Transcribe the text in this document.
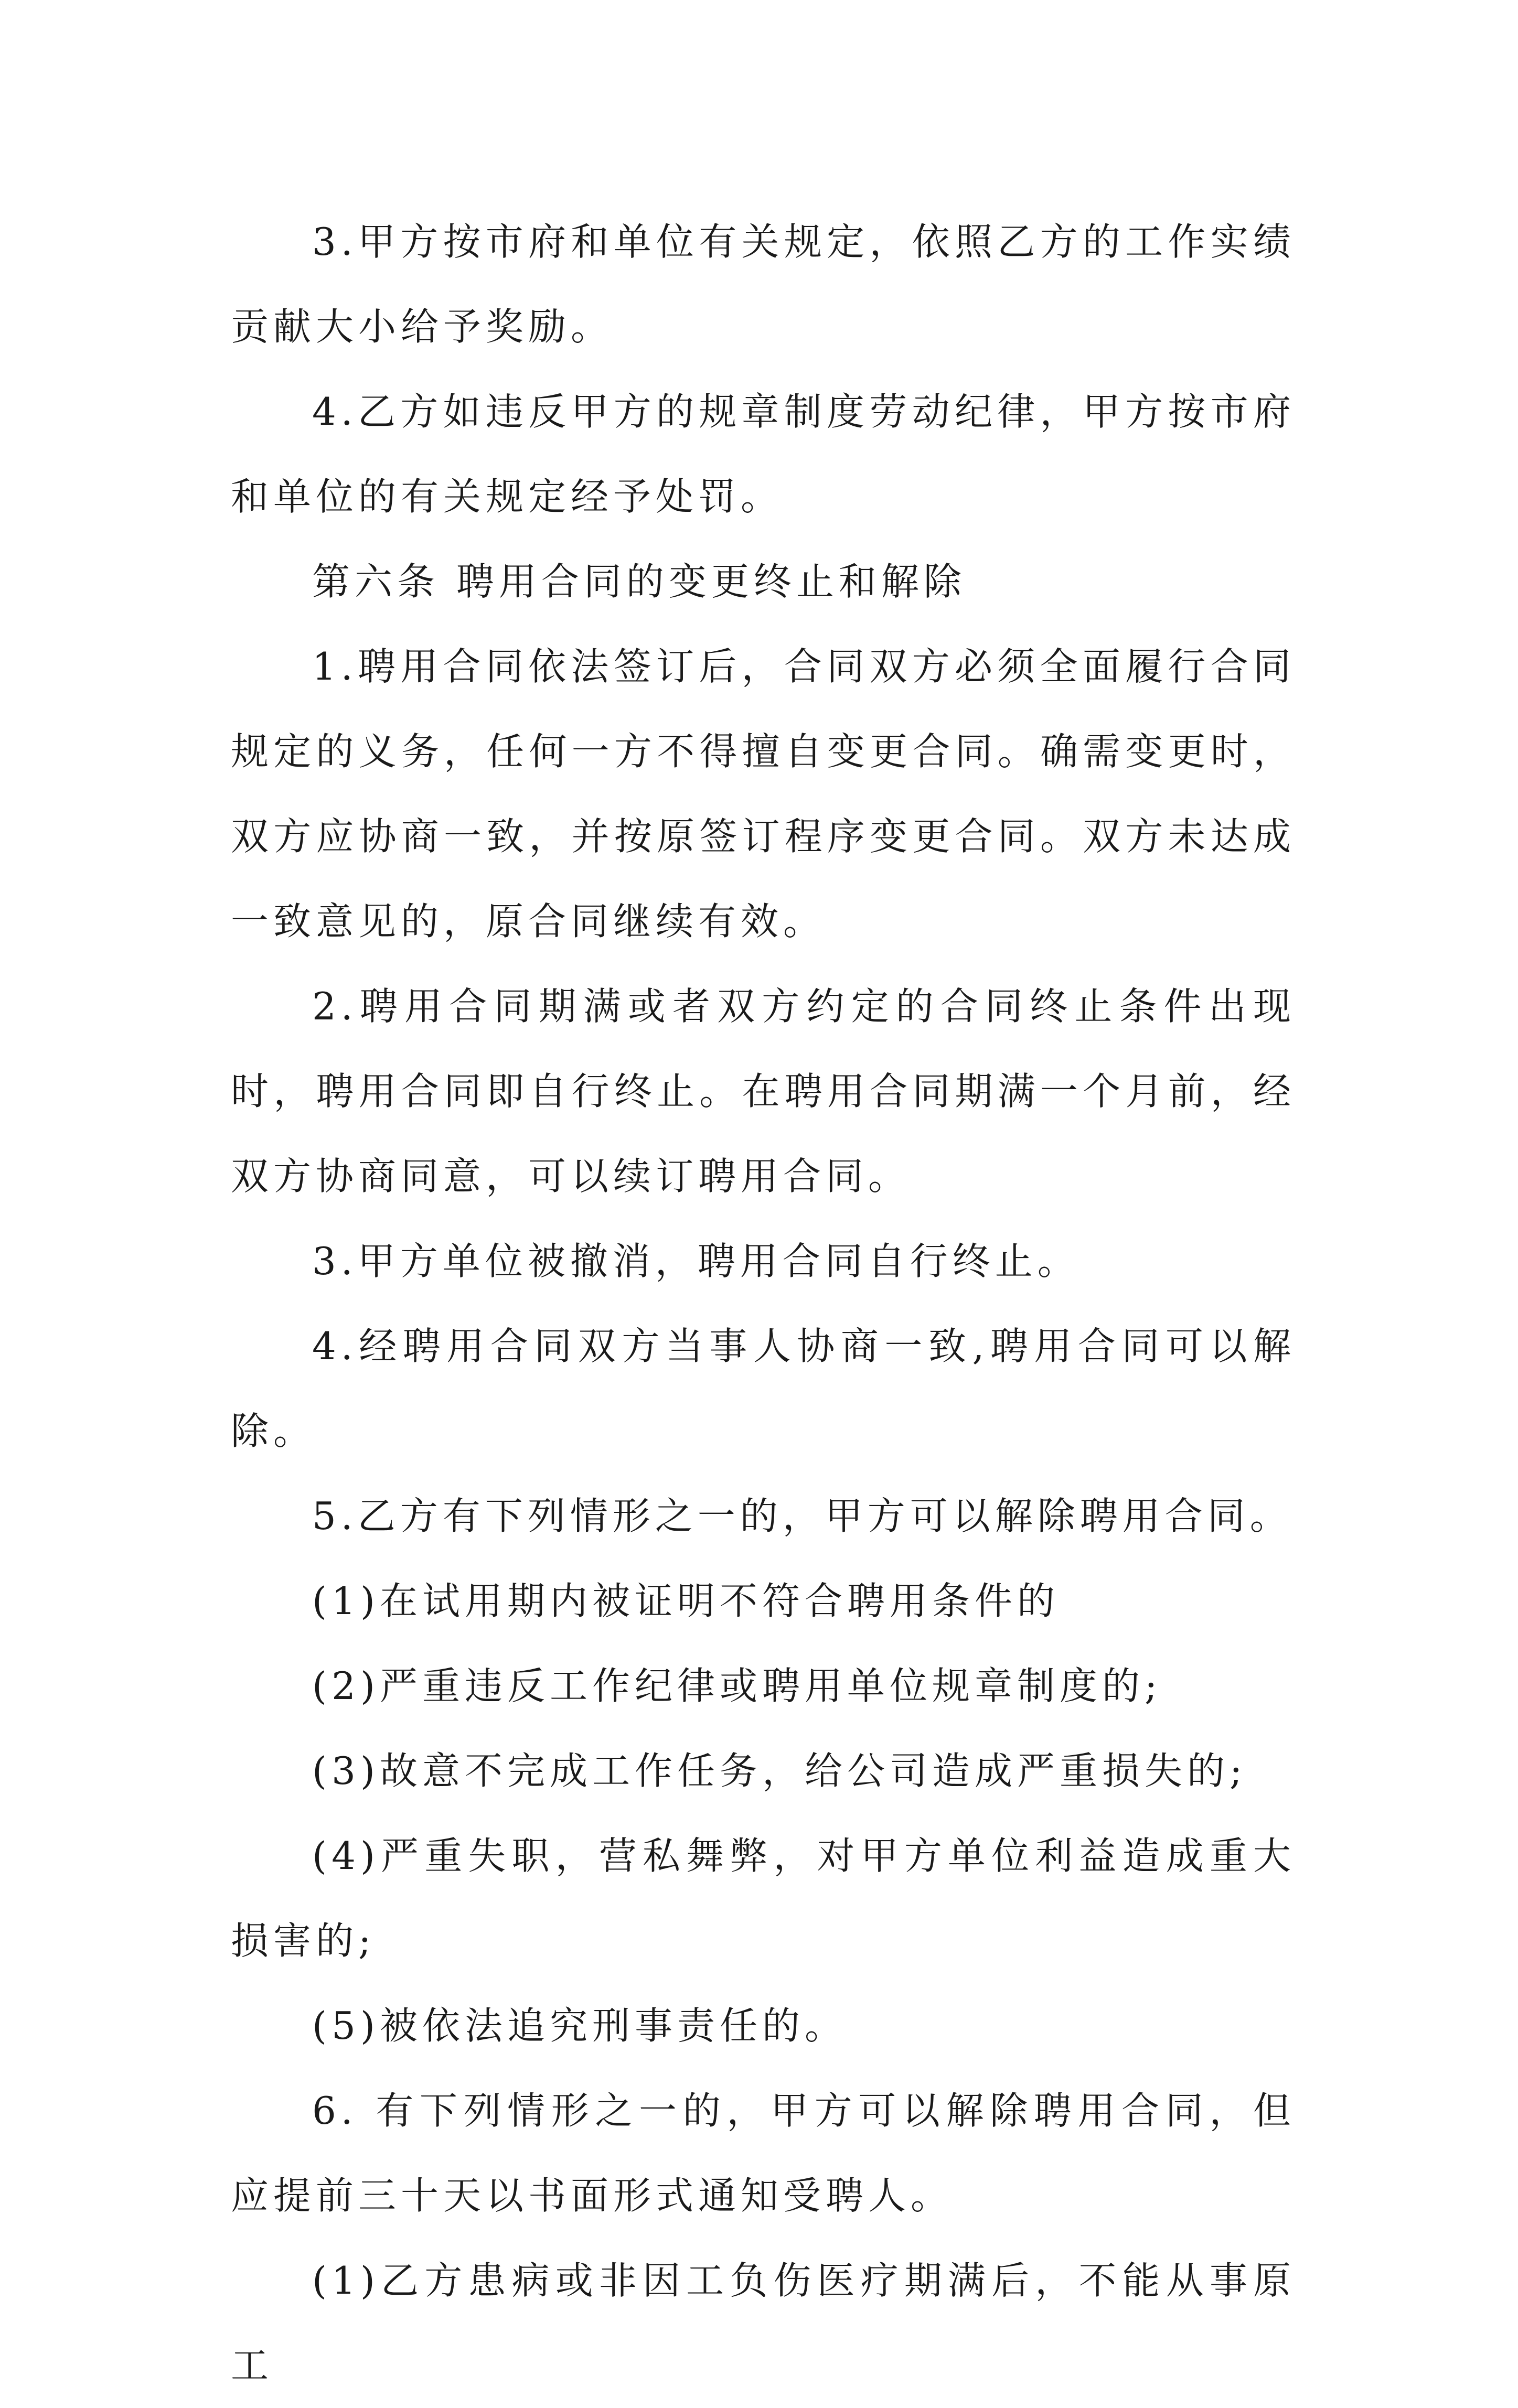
3.甲方按市府和单位有关规定，依照乙方的工作实绩贡献大小给予奖励。

4.乙方如违反甲方的规章制度劳动纪律，甲方按市府和单位的有关规定经予处罚。

第六条 聘用合同的变更终止和解除

1.聘用合同依法签订后，合同双方必须全面履行合同规定的义务，任何一方不得擅自变更合同。确需变更时，双方应协商一致，并按原签订程序变更合同。双方未达成一致意见的，原合同继续有效。

2.聘用合同期满或者双方约定的合同终止条件出现时，聘用合同即自行终止。在聘用合同期满一个月前，经双方协商同意，可以续订聘用合同。

3.甲方单位被撤消，聘用合同自行终止。

4.经聘用合同双方当事人协商一致,聘用合同可以解除。

5.乙方有下列情形之一的，甲方可以解除聘用合同。

(1)在试用期内被证明不符合聘用条件的

(2)严重违反工作纪律或聘用单位规章制度的;

(3)故意不完成工作任务，给公司造成严重损失的;

(4)严重失职，营私舞弊，对甲方单位利益造成重大损害的;

(5)被依法追究刑事责任的。

6. 有下列情形之一的，甲方可以解除聘用合同，但应提前三十天以书面形式通知受聘人。

(1)乙方患病或非因工负伤医疗期满后，不能从事原工
